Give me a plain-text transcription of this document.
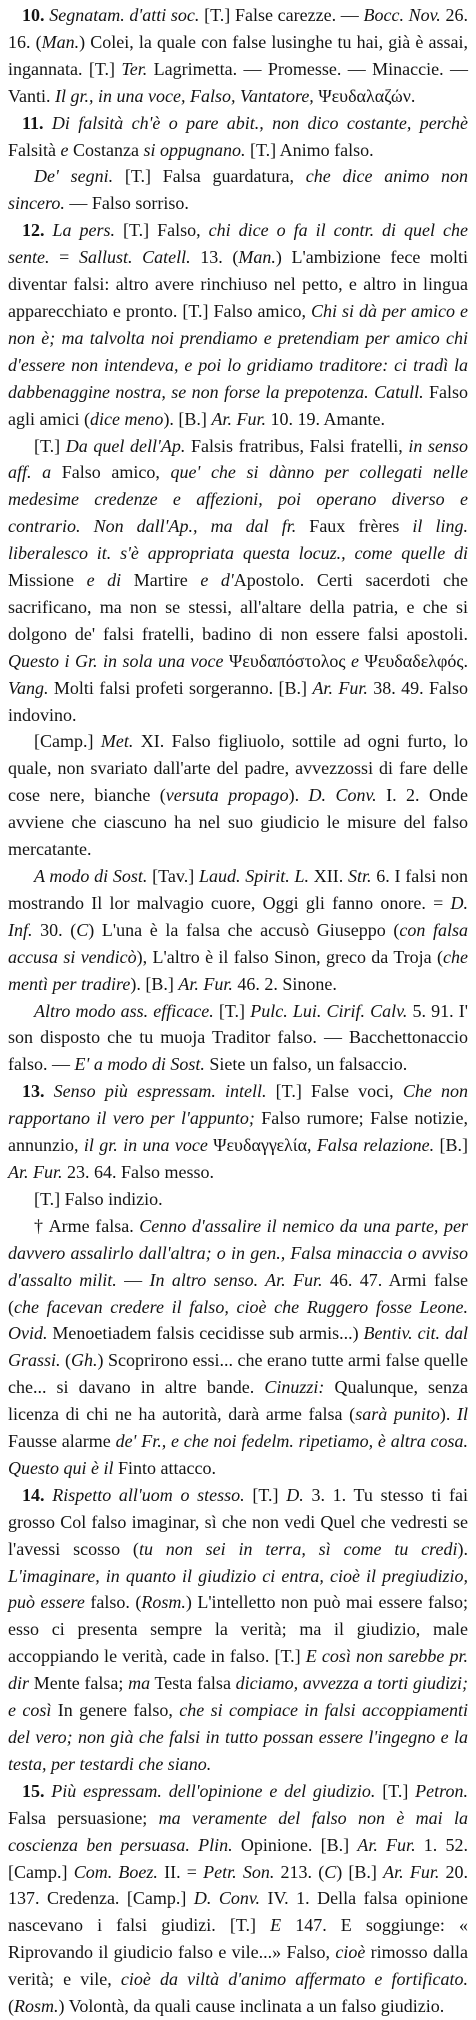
10. Segnatam. d'atti soc. [T.] False carezze. — Bocc. Nov. 26. 16. (Man.) Colei, la quale con false lusinghe tu hai, già è assai, ingannata. [T.] Ter. Lagrimetta. — Promesse. — Minaccie. — Vanti. Il gr., in una voce, Falso, Vantatore, Ψευδαλαζών.

11. Di falsità ch'è o pare abit., non dico costante, perchè Falsità e Costanza si oppugnano. [T.] Animo falso.

De' segni. [T.] Falsa guardatura, che dice animo non sincero. — Falso sorriso.

12. La pers. [T.] Falso, chi dice o fa il contr. di quel che sente. = Sallust. Catell. 13. (Man.) L'ambizione fece molti diventar falsi: altro avere rinchiuso nel petto, e altro in lingua apparecchiato e pronto. [T.] Falso amico, Chi si dà per amico e non è; ma talvolta noi prendiamo e pretendiam per amico chi d'essere non intendeva, e poi lo gridiamo traditore: ci tradì la dabbenaggine nostra, se non forse la prepotenza. Catull. Falso agli amici (dice meno). [B.] Ar. Fur. 10. 19. Amante.

[T.] Da quel dell'Ap. Falsis fratribus, Falsi fratelli, in senso aff. a Falso amico, que' che si dànno per collegati nelle medesime credenze e affezioni, poi operano diverso e contrario. Non dall'Ap., ma dal fr. Faux frères il ling. liberalesco it. s'è appropriata questa locuz., come quelle di Missione e di Martire e d'Apostolo. Certi sacerdoti che sacrificano, ma non se stessi, all'altare della patria, e che si dolgono de' falsi fratelli, badino di non essere falsi apostoli. Questo i Gr. in sola una voce Ψευδαπόστολος e Ψευδαδελφός. Vang. Molti falsi profeti sorgeranno. [B.] Ar. Fur. 38. 49. Falso indovino.

[Camp.] Met. XI. Falso figliuolo, sottile ad ogni furto, lo quale, non svariato dall'arte del padre, avvezzossi di fare delle cose nere, bianche (versuta propago). D. Conv. I. 2. Onde avviene che ciascuno ha nel suo giudicio le misure del falso mercatante.

A modo di Sost. [Tav.] Laud. Spirit. L. XII. Str. 6. I falsi non mostrando Il lor malvagio cuore, Oggi gli fanno onore. = D. Inf. 30. (C) L'una è la falsa che accusò Giuseppo (con falsa accusa si vendicò), L'altro è il falso Sinon, greco da Troja (che mentì per tradire). [B.] Ar. Fur. 46. 2. Sinone.

Altro modo ass. efficace. [T.] Pulc. Lui. Cirif. Calv. 5. 91. I' son disposto che tu muoja Traditor falso. — Bacchettonaccio falso. — E' a modo di Sost. Siete un falso, un falsaccio.

13. Senso più espressam. intell. [T.] False voci, Che non rapportano il vero per l'appunto; Falso rumore; False notizie, annunzio, il gr. in una voce Ψευδαγγελία, Falsa relazione. [B.] Ar. Fur. 23. 64. Falso messo.

[T.] Falso indizio.

† Arme falsa. Cenno d'assalire il nemico da una parte, per davvero assalirlo dall'altra; o in gen., Falsa minaccia o avviso d'assalto milit. — In altro senso. Ar. Fur. 46. 47. Armi false (che facevan credere il falso, cioè che Ruggero fosse Leone. Ovid. Menoetiadem falsis cecidisse sub armis...) Bentiv. cit. dal Grassi. (Gh.) Scoprirono essi... che erano tutte armi false quelle che... si davano in altre bande. Cinuzzi: Qualunque, senza licenza di chi ne ha autorità, darà arme falsa (sarà punito). Il Fausse alarme de' Fr., e che noi fedelm. ripetiamo, è altra cosa. Questo qui è il Finto attacco.

14. Rispetto all'uom o stesso. [T.] D. 3. 1. Tu stesso ti fai grosso Col falso imaginar, sì che non vedi Quel che vedresti se l'avessi scosso (tu non sei in terra, sì come tu credi). L'imaginare, in quanto il giudizio ci entra, cioè il pregiudizio, può essere falso. (Rosm.) L'intelletto non può mai essere falso; esso ci presenta sempre la verità; ma il giudizio, male accoppiando le verità, cade in falso. [T.] E così non sarebbe pr. dir Mente falsa; ma Testa falsa diciamo, avvezza a torti giudizi; e così In genere falso, che si compiace in falsi accoppiamenti del vero; non già che falsi in tutto possan essere l'ingegno e la testa, per testardi che siano.

15. Più espressam. dell'opinione e del giudizio. [T.] Petron. Falsa persuasione; ma veramente del falso non è mai la coscienza ben persuasa. Plin. Opinione. [B.] Ar. Fur. 1. 52. [Camp.] Com. Boez. II. = Petr. Son. 213. (C) [B.] Ar. Fur. 20. 137. Credenza. [Camp.] D. Conv. IV. 1. Della falsa opinione nascevano i falsi giudizi. [T.] E 147. E soggiunge: « Riprovando il giudicio falso e vile...» Falso, cioè rimosso dalla verità; e vile, cioè da viltà d'animo affermato e fortificato. (Rosm.) Volontà, da quali cause inclinata a un falso giudizio.
